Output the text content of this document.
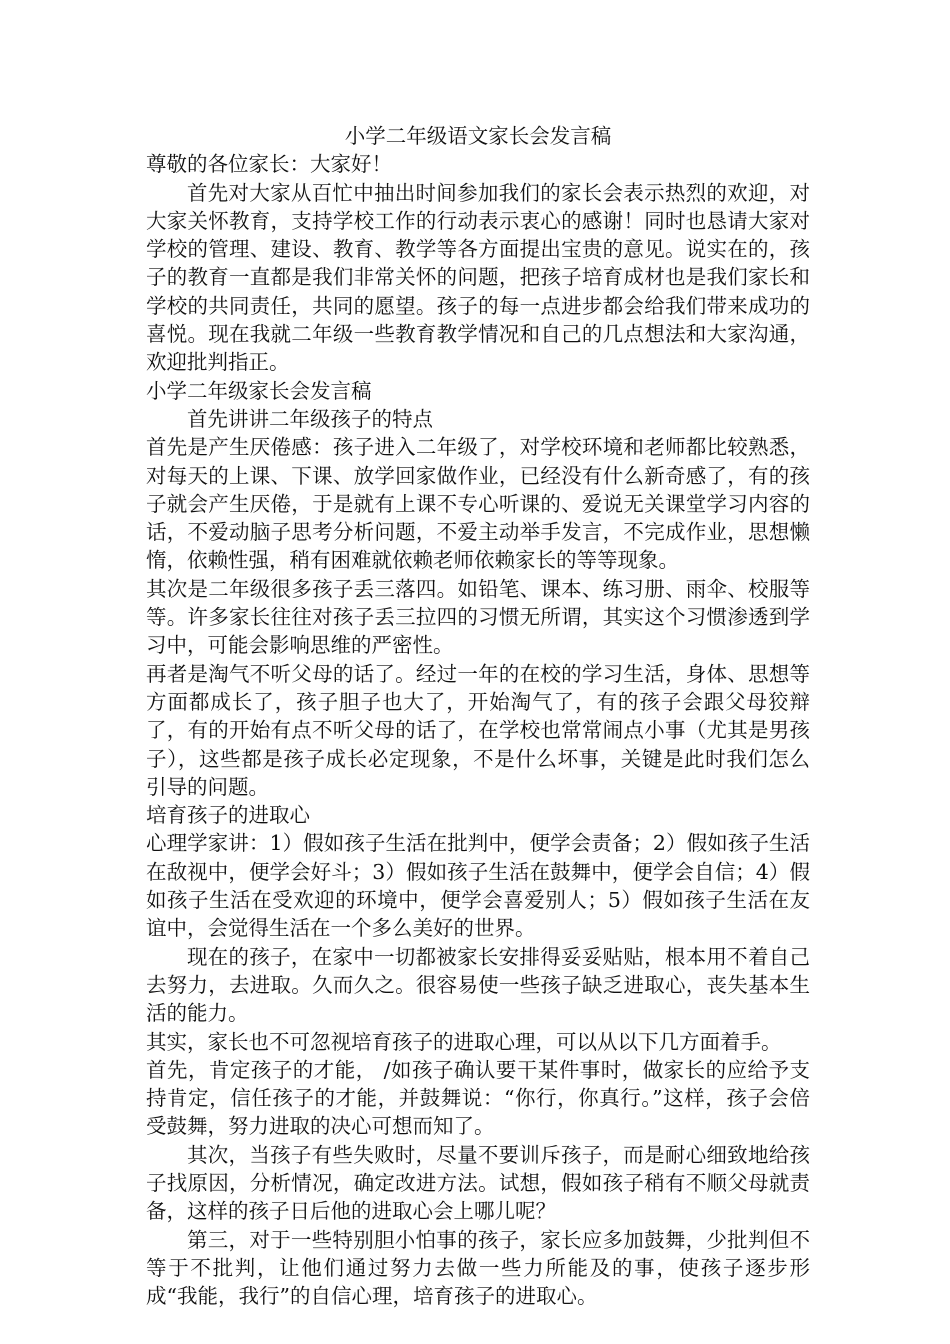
小学二年级语文家长会发言稿
尊敬的各位家长：大家好！
首先对大家从百忙中抽出时间参加我们的家长会表示热烈的欢迎，对大家关怀教育，支持学校工作的行动表示衷心的感谢！同时也恳请大家对学校的管理、建设、教育、教学等各方面提出宝贵的意见。说实在的，孩子的教育一直都是我们非常关怀的问题，把孩子培育成材也是我们家长和学校的共同责任，共同的愿望。孩子的每一点进步都会给我们带来成功的喜悦。现在我就二年级一些教育教学情况和自己的几点想法和大家沟通，欢迎批判指正。
小学二年级家长会发言稿
首先讲讲二年级孩子的特点
首先是产生厌倦感：孩子进入二年级了，对学校环境和老师都比较熟悉，对每天的上课、下课、放学回家做作业，已经没有什么新奇感了，有的孩子就会产生厌倦，于是就有上课不专心听课的、爱说无关课堂学习内容的话，不爱动脑子思考分析问题，不爱主动举手发言，不完成作业，思想懒惰，依赖性强，稍有困难就依赖老师依赖家长的等等现象。
其次是二年级很多孩子丢三落四。如铅笔、课本、练习册、雨伞、校服等等。许多家长往往对孩子丢三拉四的习惯无所谓，其实这个习惯渗透到学习中，可能会影响思维的严密性。
再者是淘气不听父母的话了。经过一年的在校的学习生活，身体、思想等方面都成长了，孩子胆子也大了，开始淘气了，有的孩子会跟父母狡辩了，有的开始有点不听父母的话了，在学校也常常闹点小事（尤其是男孩子），这些都是孩子成长必定现象，不是什么坏事，关键是此时我们怎么引导的问题。
培育孩子的进取心
心理学家讲：1）假如孩子生活在批判中，便学会责备；2）假如孩子生活在敌视中，便学会好斗；3）假如孩子生活在鼓舞中，便学会自信；4）假如孩子生活在受欢迎的环境中，便学会喜爱别人；5）假如孩子生活在友谊中，会觉得生活在一个多么美好的世界。
现在的孩子，在家中一切都被家长安排得妥妥贴贴，根本用不着自己去努力，去进取。久而久之。很容易使一些孩子缺乏进取心，丧失基本生活的能力。
其实，家长也不可忽视培育孩子的进取心理，可以从以下几方面着手。
首先，肯定孩子的才能， /如孩子确认要干某件事时，做家长的应给予支持肯定，信任孩子的才能，并鼓舞说：“你行，你真行。”这样，孩子会倍受鼓舞，努力进取的决心可想而知了。
其次，当孩子有些失败时，尽量不要训斥孩子，而是耐心细致地给孩子找原因，分析情况，确定改进方法。试想，假如孩子稍有不顺父母就责备，这样的孩子日后他的进取心会上哪儿呢？
第三，对于一些特别胆小怕事的孩子，家长应多加鼓舞，少批判但不等于不批判，让他们通过努力去做一些力所能及的事，使孩子逐步形成“我能，我行”的自信心理，培育孩子的进取心。
